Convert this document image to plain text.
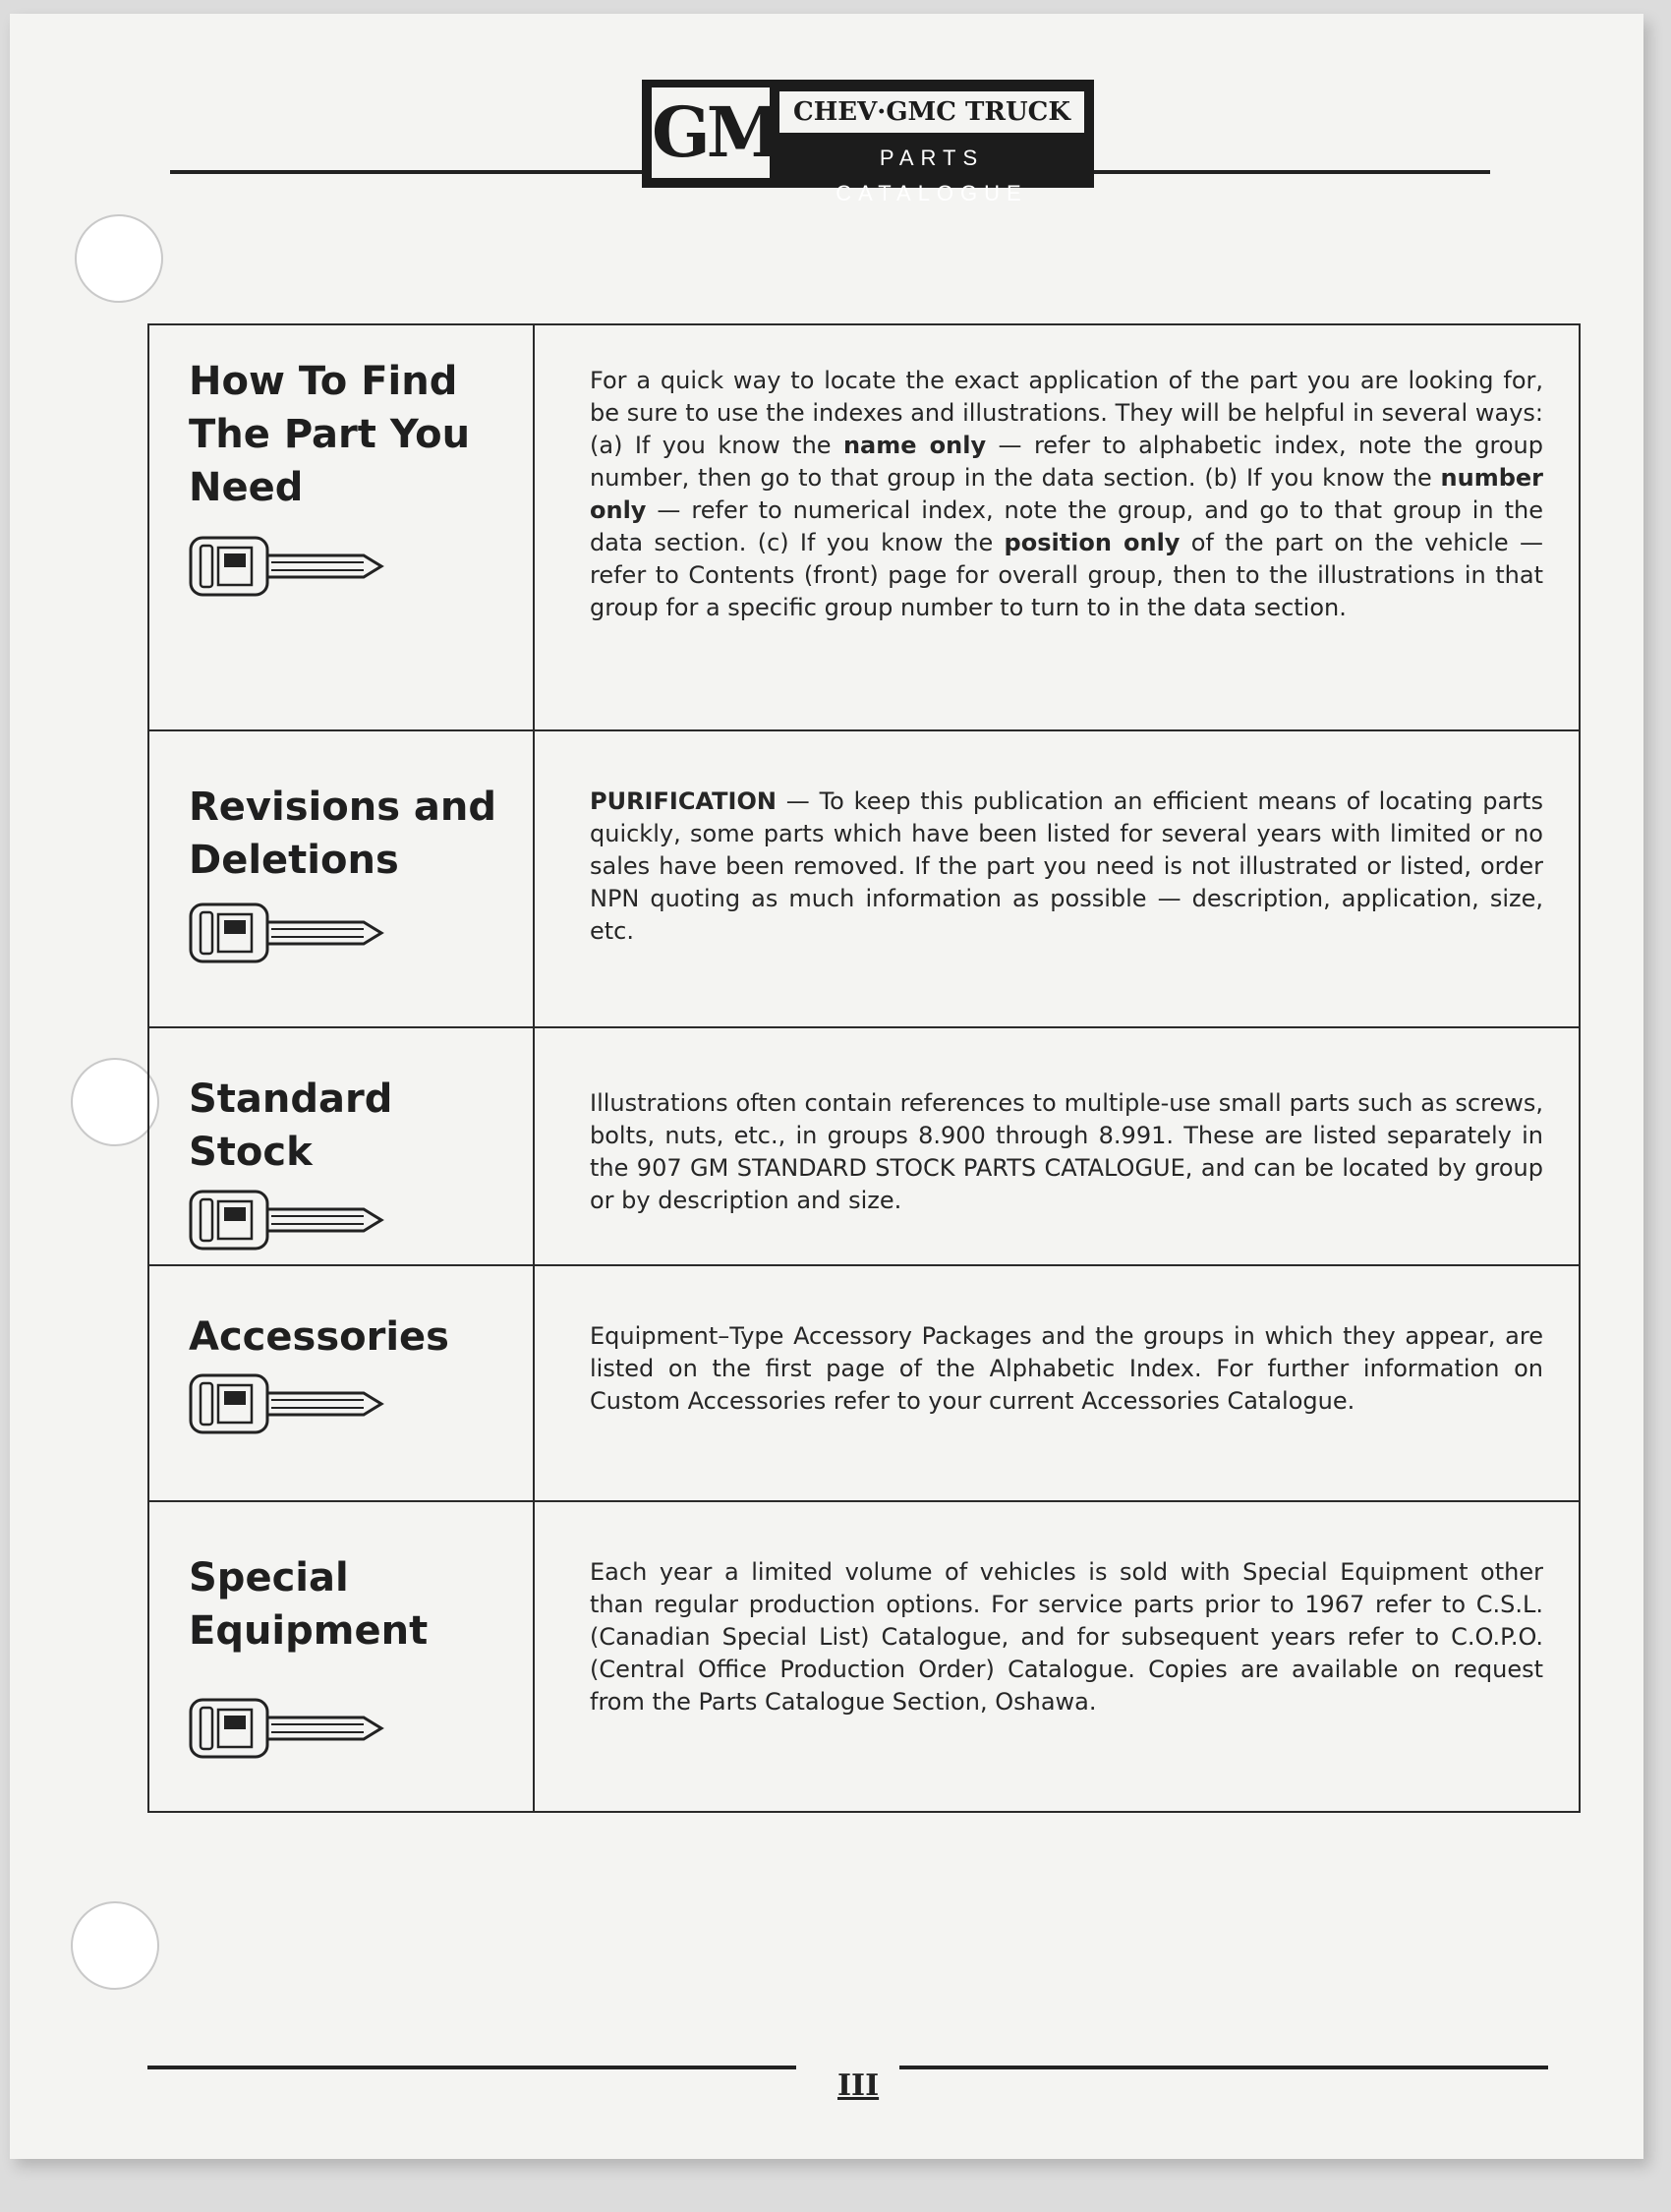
GM CHEV·GMC TRUCK
PARTS CATALOGUE
How To Find
The Part You
Need
For a quick way to locate the exact application of the part you are looking for, be sure to use the indexes and illustrations. They will be helpful in several ways: (a) If you know the name only — refer to alphabetic index, note the group number, then go to that group in the data section. (b) If you know the number only — refer to numerical index, note the group, and go to that group in the data section. (c) If you know the position only of the part on the vehicle — refer to Contents (front) page for overall group, then to the illustrations in that group for a specific group number to turn to in the data section.
Revisions and
Deletions
PURIFICATION — To keep this publication an efficient means of locating parts quickly, some parts which have been listed for several years with limited or no sales have been removed. If the part you need is not illustrated or listed, order NPN quoting as much information as possible — description, application, size, etc.
Standard
Stock
Illustrations often contain references to multiple-use small parts such as screws, bolts, nuts, etc., in groups 8.900 through 8.991. These are listed separately in the 907 GM STANDARD STOCK PARTS CATALOGUE, and can be located by group or by description and size.
Accessories	Equipment–Type Accessory Packages and the groups in which they appear, are listed on the first page of the Alphabetic Index. For further information on Custom Accessories refer to your current Accessories Catalogue.
Special
Equipment
Each year a limited volume of vehicles is sold with Special Equipment other than regular production options. For service parts prior to 1967 refer to C.S.L. (Canadian Special List) Catalogue, and for subsequent years refer to C.O.P.O. (Central Office Production Order) Catalogue. Copies are available on request from the Parts Catalogue Section, Oshawa.
III
